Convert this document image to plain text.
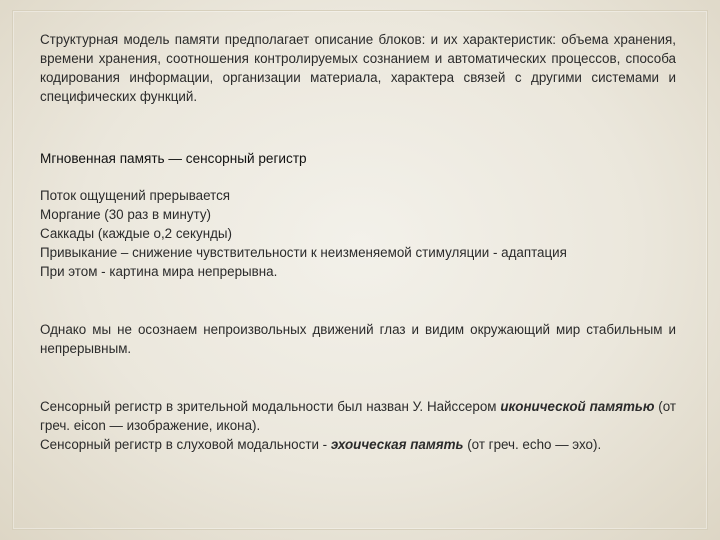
Структурная модель памяти предполагает описание блоков: и их характеристик: объема хранения, времени хранения, соотношения контролируемых сознанием и автоматических процессов, способа кодирования информации, организации материала, характера связей с другими системами и специфических функций.
Мгновенная память — сенсорный регистр
Поток ощущений прерывается
Моргание (30 раз в минуту)
Саккады (каждые о,2 секунды)
Привыкание – снижение чувствительности к неизменяемой стимуляции - адаптация
При этом - картина мира непрерывна.
Однако мы не осознаем непроизвольных движений глаз и видим окружающий мир стабильным и непрерывным.
Сенсорный регистр в зрительной модальности был назван У. Найссером иконической памятью (от греч. eicon — изображение, икона).
Сенсорный регистр в слуховой модальности - эхоическая память (от греч. echo — эхо).
